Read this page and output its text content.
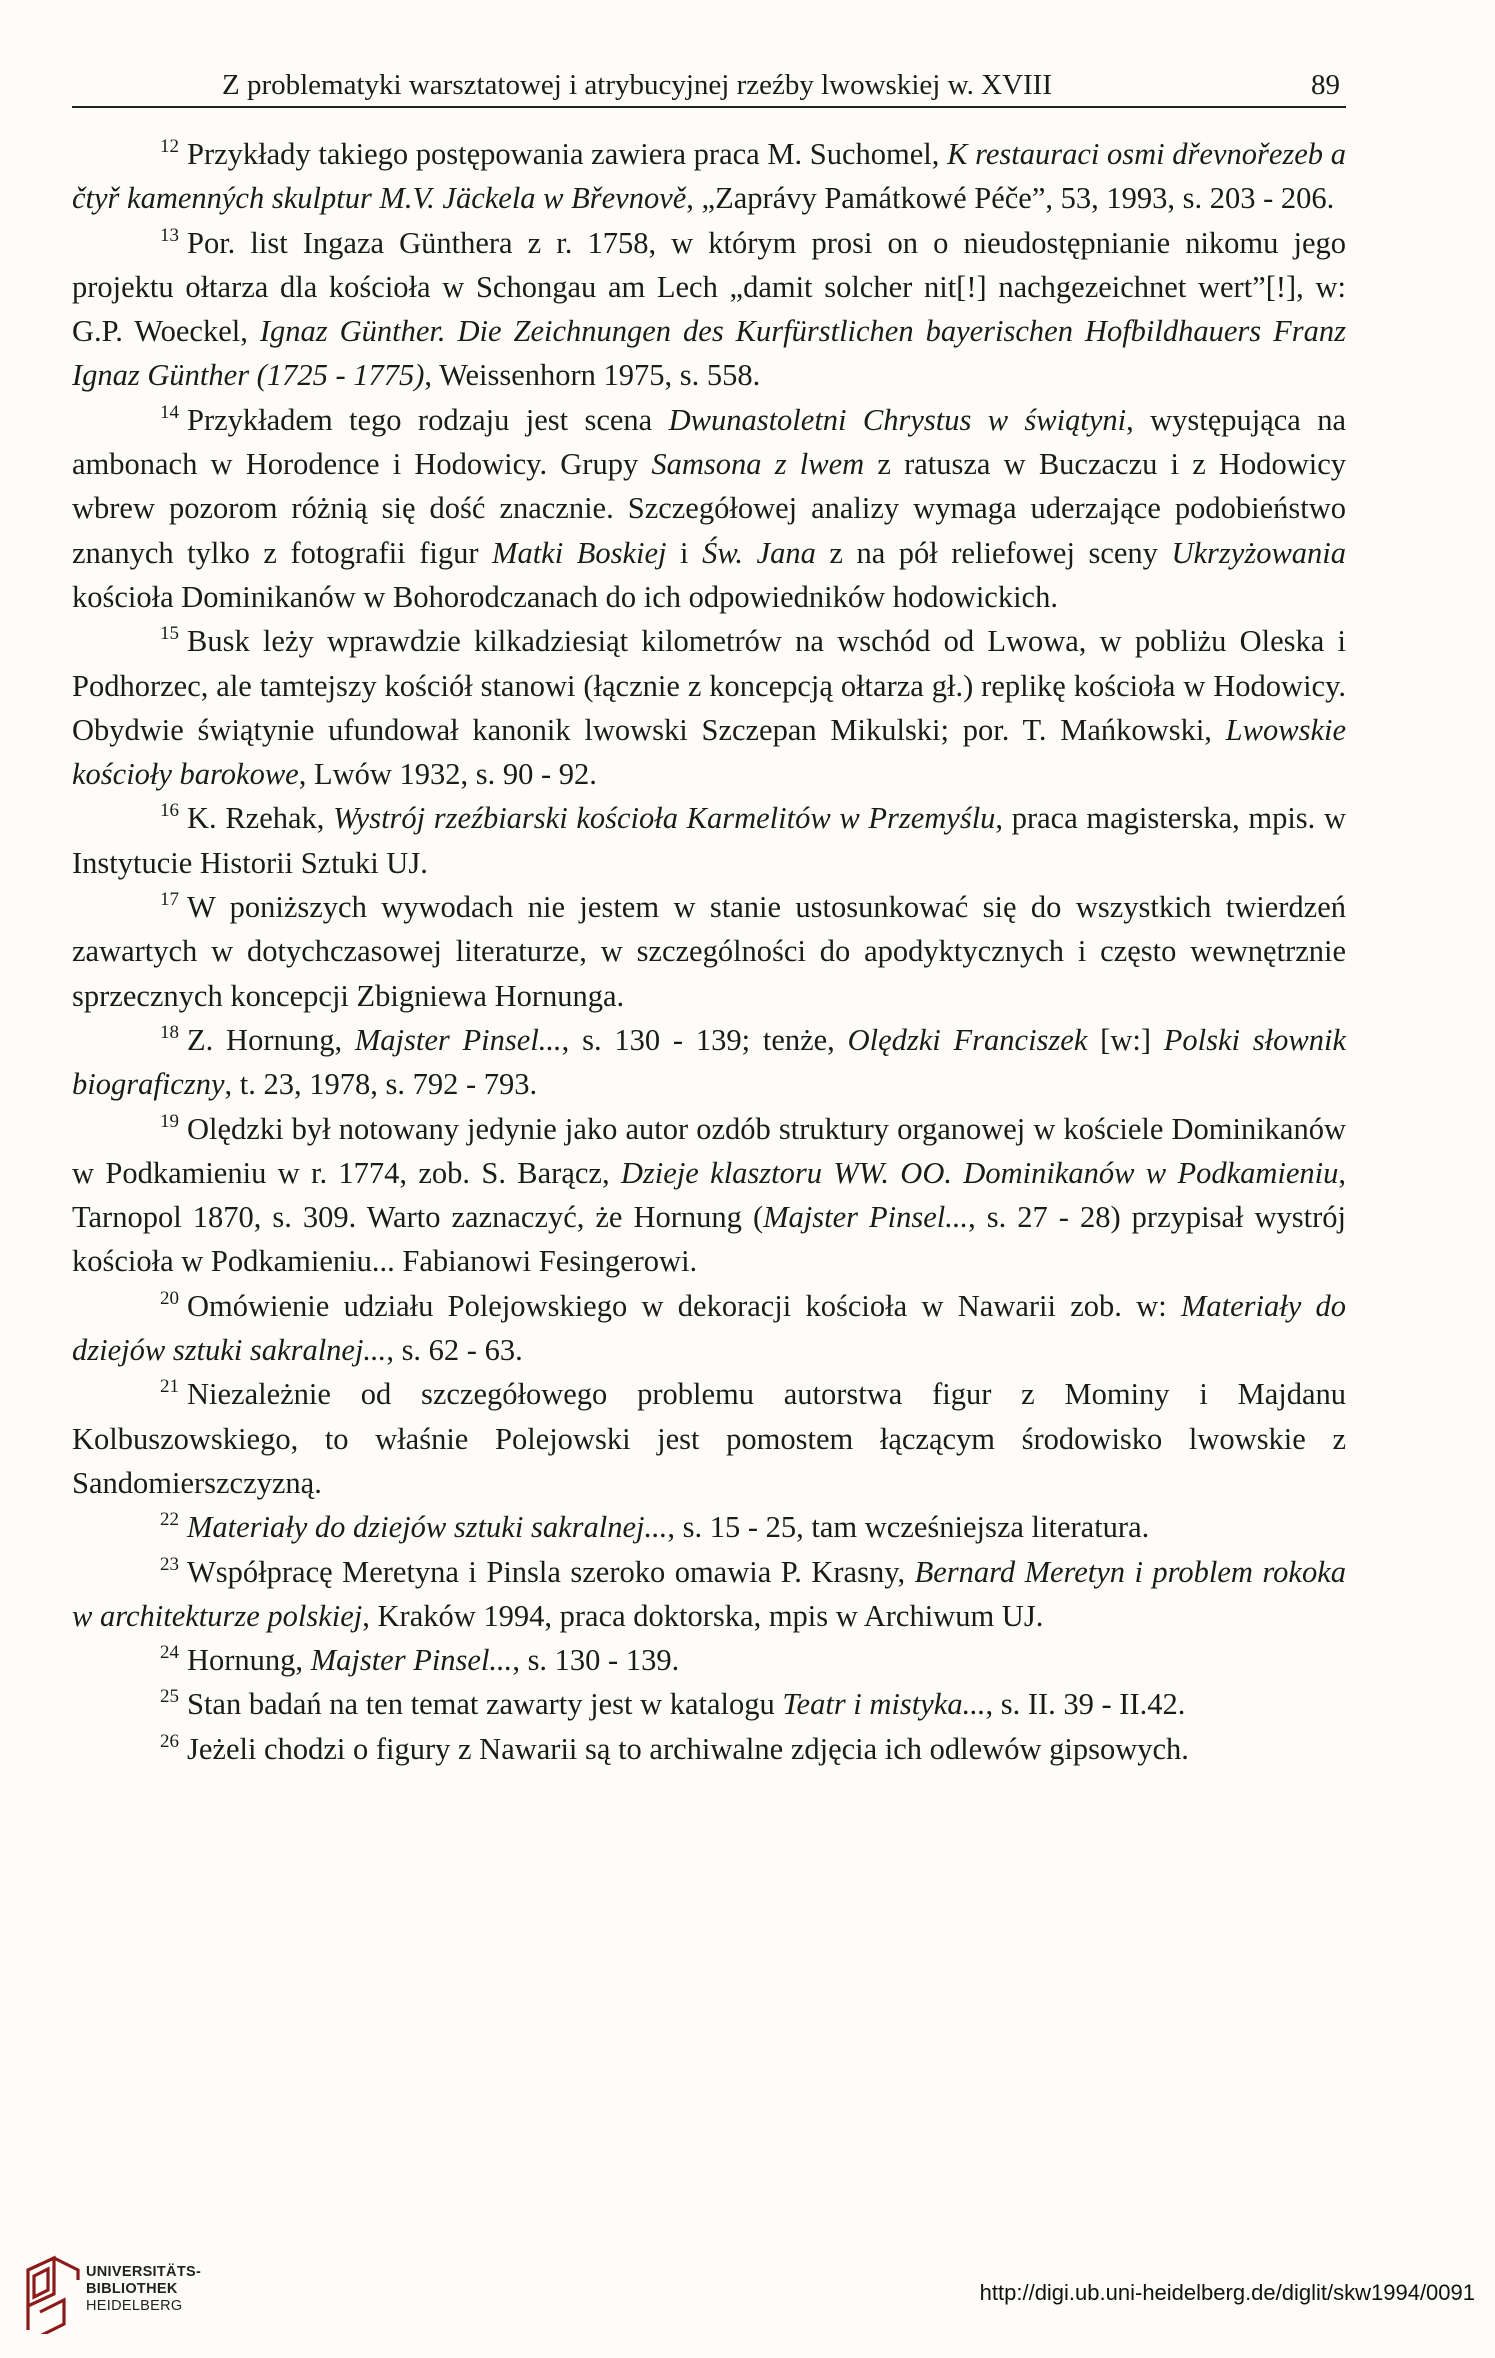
Z problematyki warsztatowej i atrybucyjnej rzeźby lwowskiej w. XVIII	89

$^{12}$ Przykłady takiego postępowania zawiera praca M. Suchomel, K restauraci osmi dřevnořezeb a čtyř kamenných skulptur M.V. Jäckela w Břevnově, „Zaprávy Památkowé Péče”, 53, 1993, s. 203 - 206.

$^{13}$ Por. list Ingaza Günthera z r. 1758, w którym prosi on o nieudostępnianie nikomu jego projektu ołtarza dla kościoła w Schongau am Lech „damit solcher nit[!] nachgezeichnet wert”[!], w: G.P. Woeckel, Ignaz Günther. Die Zeichnungen des Kurfürstlichen bayerischen Hofbildhauers Franz Ignaz Günther (1725 - 1775), Weissenhorn 1975, s. 558.

$^{14}$ Przykładem tego rodzaju jest scena Dwunastoletni Chrystus w świątyni, występująca na ambonach w Horodence i Hodowicy. Grupy Samsona z lwem z ratusza w Buczaczu i z Hodowicy wbrew pozorom różnią się dość znacznie. Szczegółowej analizy wymaga uderzające podobieństwo znanych tylko z fotografii figur Matki Boskiej i Św. Jana z na pół reliefowej sceny Ukrzyżowania kościoła Dominikanów w Bohorodczanach do ich odpowiedników hodowickich.

$^{15}$ Busk leży wprawdzie kilkadziesiąt kilometrów na wschód od Lwowa, w pobliżu Oleska i Podhorzec, ale tamtejszy kościół stanowi (łącznie z koncepcją ołtarza gł.) replikę kościoła w Hodowicy. Obydwie świątynie ufundował kanonik lwowski Szczepan Mikulski; por. T. Mańkowski, Lwowskie kościoły barokowe, Lwów 1932, s. 90 - 92.

$^{16}$ K. Rzehak, Wystrój rzeźbiarski kościoła Karmelitów w Przemyślu, praca magisterska, mpis. w Instytucie Historii Sztuki UJ.

$^{17}$ W poniższych wywodach nie jestem w stanie ustosunkować się do wszystkich twierdzeń zawartych w dotychczasowej literaturze, w szczególności do apodyktycznych i często wewnętrznie sprzecznych koncepcji Zbigniewa Hornunga.

$^{18}$ Z. Hornung, Majster Pinsel..., s. 130 - 139; tenże, Olędzki Franciszek [w:] Polski słownik biograficzny, t. 23, 1978, s. 792 - 793.

$^{19}$ Olędzki był notowany jedynie jako autor ozdób struktury organowej w kościele Dominikanów w Podkamieniu w r. 1774, zob. S. Barącz, Dzieje klasztoru WW. OO. Dominikanów w Podkamieniu, Tarnopol 1870, s. 309. Warto zaznaczyć, że Hornung (Majster Pinsel..., s. 27 - 28) przypisał wystrój kościoła w Podkamieniu... Fabianowi Fesingerowi.

$^{20}$ Omówienie udziału Polejowskiego w dekoracji kościoła w Nawarii zob. w: Materiały do dziejów sztuki sakralnej..., s. 62 - 63.

$^{21}$ Niezależnie od szczegółowego problemu autorstwa figur z Mominy i Majdanu Kolbuszowskiego, to właśnie Polejowski jest pomostem łączącym środowisko lwowskie z Sandomierszczyzną.

$^{22}$ Materiały do dziejów sztuki sakralnej..., s. 15 - 25, tam wcześniejsza literatura.

$^{23}$ Współpracę Meretyna i Pinsla szeroko omawia P. Krasny, Bernard Meretyn i problem rokoka w architekturze polskiej, Kraków 1994, praca doktorska, mpis w Archiwum UJ.

$^{24}$ Hornung, Majster Pinsel..., s. 130 - 139.

$^{25}$ Stan badań na ten temat zawarty jest w katalogu Teatr i mistyka..., s. II. 39 - II.42.

$^{26}$ Jeżeli chodzi o figury z Nawarii są to archiwalne zdjęcia ich odlewów gipsowych.

UNIVERSITÄTS-
BIBLIOTHEK
HEIDELBERG
http://digi.ub.uni-heidelberg.de/diglit/skw1994/0091
